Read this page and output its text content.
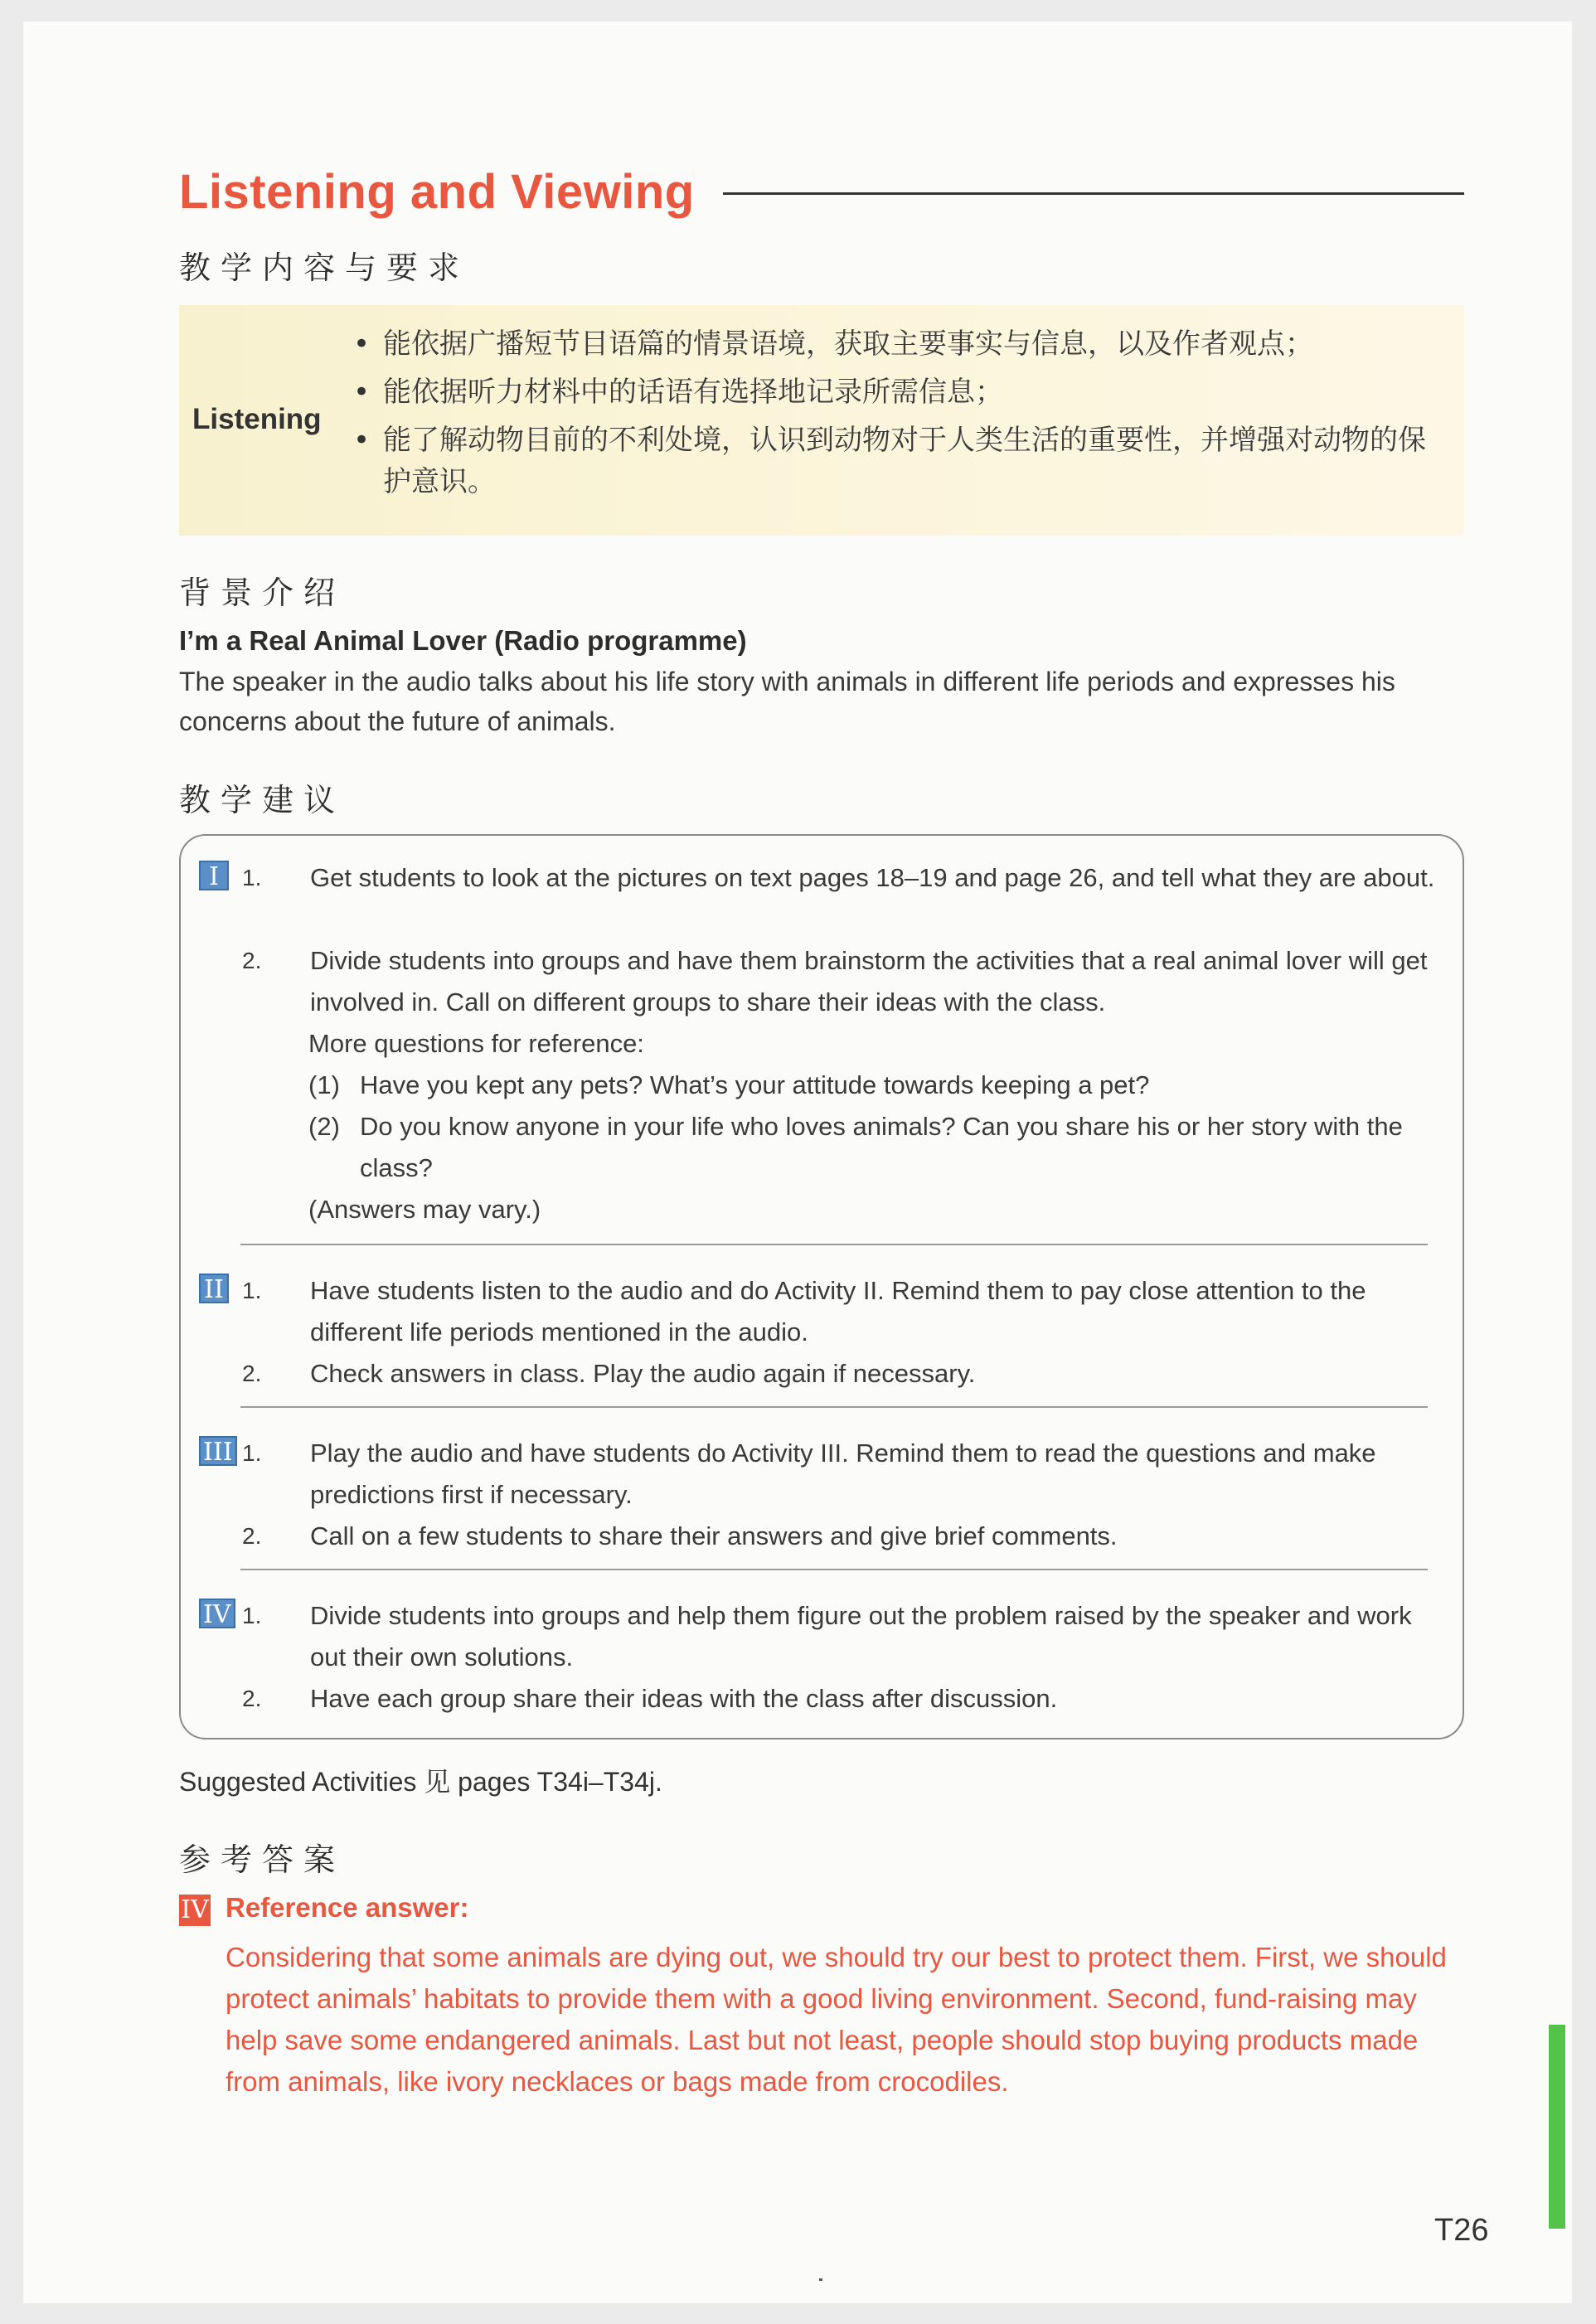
Listening and Viewing
教学内容与要求
Listening
• 能依据广播短节目语篇的情景语境，获取主要事实与信息，以及作者观点；
• 能依据听力材料中的话语有选择地记录所需信息；
• 能了解动物目前的不利处境，认识到动物对于人类生活的重要性，并增强对动物的保护意识。
背景介绍
I’m a Real Animal Lover (Radio programme)
The speaker in the audio talks about his life story with animals in different life periods and expresses his concerns about the future of animals.
教学建议
I	1. Get students to look at the pictures on text pages 18–19 and page 26, and tell what they are about.
2. Divide students into groups and have them brainstorm the activities that a real animal lover will get involved in. Call on different groups to share their ideas with the class.
More questions for reference:
(1) Have you kept any pets? What’s your attitude towards keeping a pet?
(2) Do you know anyone in your life who loves animals? Can you share his or her story with the class?
(Answers may vary.)
II 1. Have students listen to the audio and do Activity II. Remind them to pay close attention to the different life periods mentioned in the audio.
2. Check answers in class. Play the audio again if necessary.
III 1. Play the audio and have students do Activity III. Remind them to read the questions and make predictions first if necessary.
2. Call on a few students to share their answers and give brief comments.
IV 1. Divide students into groups and help them figure out the problem raised by the speaker and work out their own solutions.
2. Have each group share their ideas with the class after discussion.
Suggested Activities 见 pages T34i–T34j.
参考答案
IV Reference answer:
Considering that some animals are dying out, we should try our best to protect them. First, we should protect animals’ habitats to provide them with a good living environment. Second, fund-raising may help save some endangered animals. Last but not least, people should stop buying products made from animals, like ivory necklaces or bags made from crocodiles.
T26
